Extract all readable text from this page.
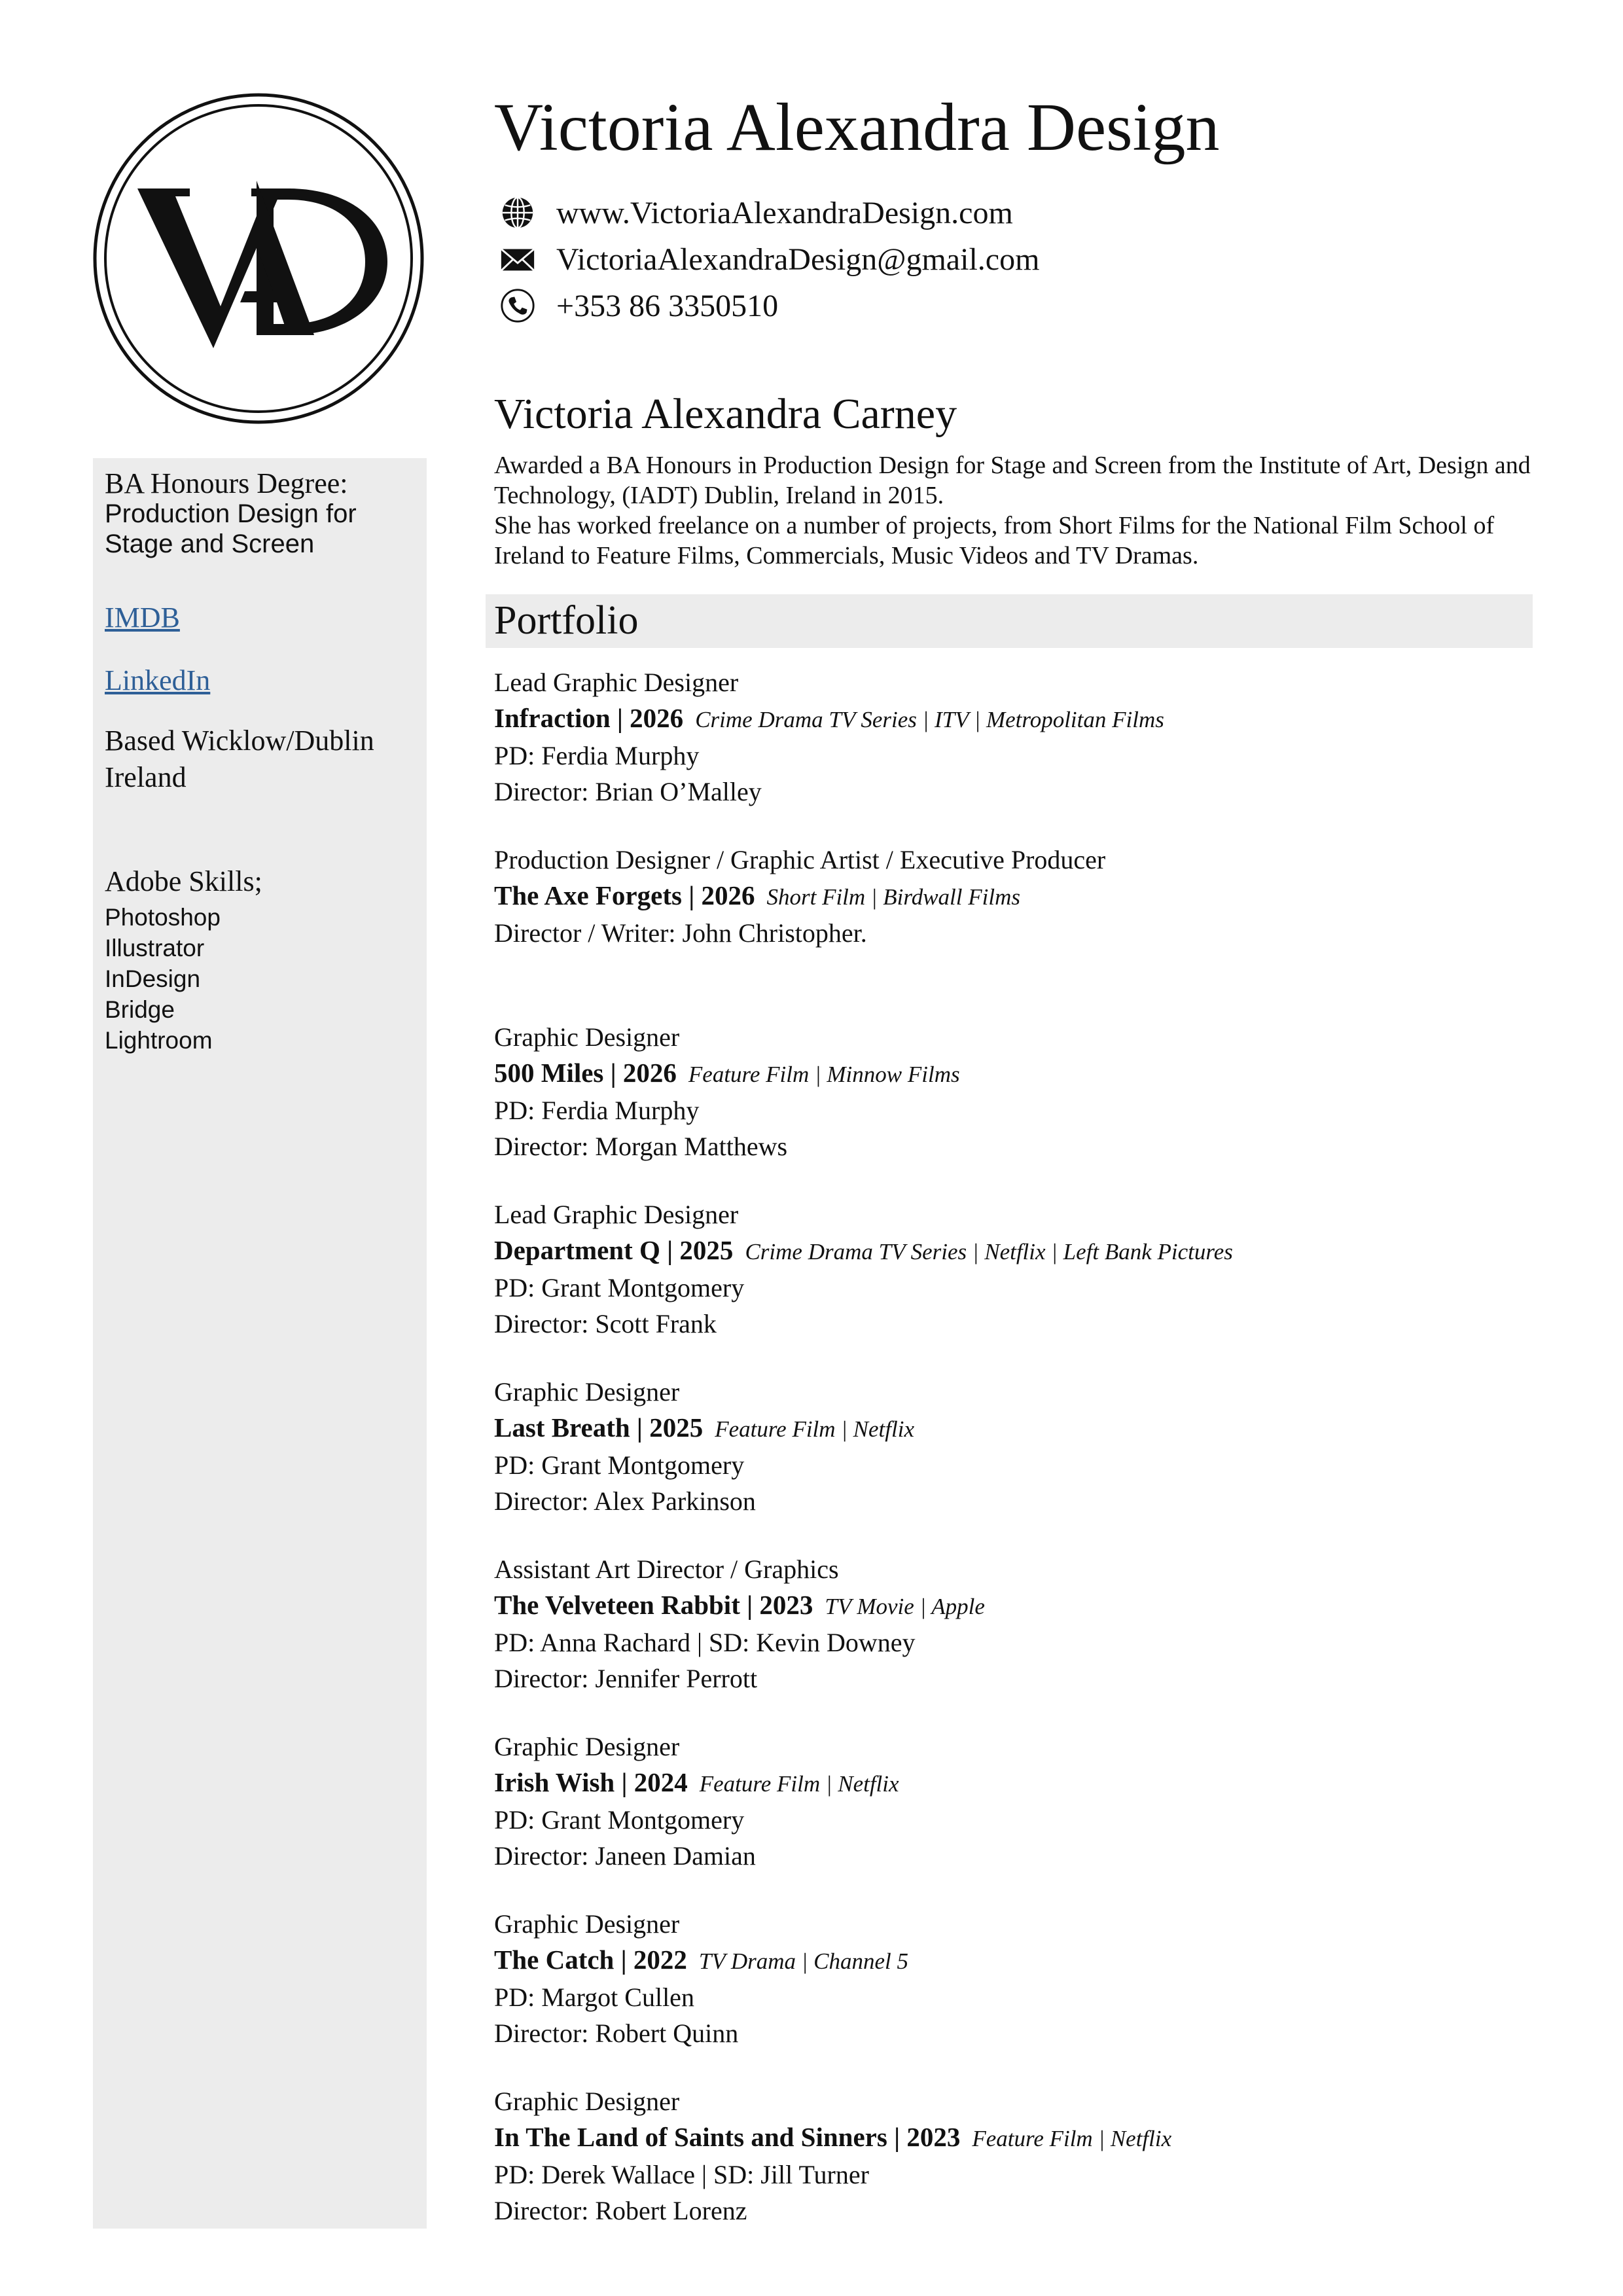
Victoria Alexandra Design
www.VictoriaAlexandraDesign.com
VictoriaAlexandraDesign@gmail.com
+353 86 3350510
BA Honours Degree:
Production Design for
Stage and Screen
IMDB
LinkedIn
Based Wicklow/Dublin
Ireland
Adobe Skills;
Photoshop
Illustrator
InDesign
Bridge
Lightroom
Victoria Alexandra Carney

Awarded a BA Honours in Production Design for Stage and Screen from the Institute of Art, Design and Technology, (IADT) Dublin, Ireland in 2015.

She has worked freelance on a number of projects, from Short Films for the National Film School of Ireland to Feature Films, Commercials, Music Videos and TV Dramas.

Portfolio
Lead Graphic Designer
Infraction | 2026 Crime Drama TV Series | ITV | Metropolitan Films
PD: Ferdia Murphy
Director: Brian O’Malley
Production Designer / Graphic Artist / Executive Producer
The Axe Forgets | 2026 Short Film | Birdwall Films
Director / Writer: John Christopher.
Graphic Designer
500 Miles | 2026 Feature Film | Minnow Films
PD: Ferdia Murphy
Director: Morgan Matthews
Lead Graphic Designer
Department Q | 2025 Crime Drama TV Series | Netflix | Left Bank Pictures
PD: Grant Montgomery
Director: Scott Frank
Graphic Designer
Last Breath | 2025 Feature Film | Netflix
PD: Grant Montgomery
Director: Alex Parkinson
Assistant Art Director / Graphics
The Velveteen Rabbit | 2023 TV Movie | Apple
PD: Anna Rachard | SD: Kevin Downey
Director: Jennifer Perrott
Graphic Designer
Irish Wish | 2024 Feature Film | Netflix
PD: Grant Montgomery
Director: Janeen Damian
Graphic Designer
The Catch | 2022 TV Drama | Channel 5
PD: Margot Cullen
Director: Robert Quinn
Graphic Designer
In The Land of Saints and Sinners | 2023 Feature Film | Netflix
PD: Derek Wallace | SD: Jill Turner
Director: Robert Lorenz
